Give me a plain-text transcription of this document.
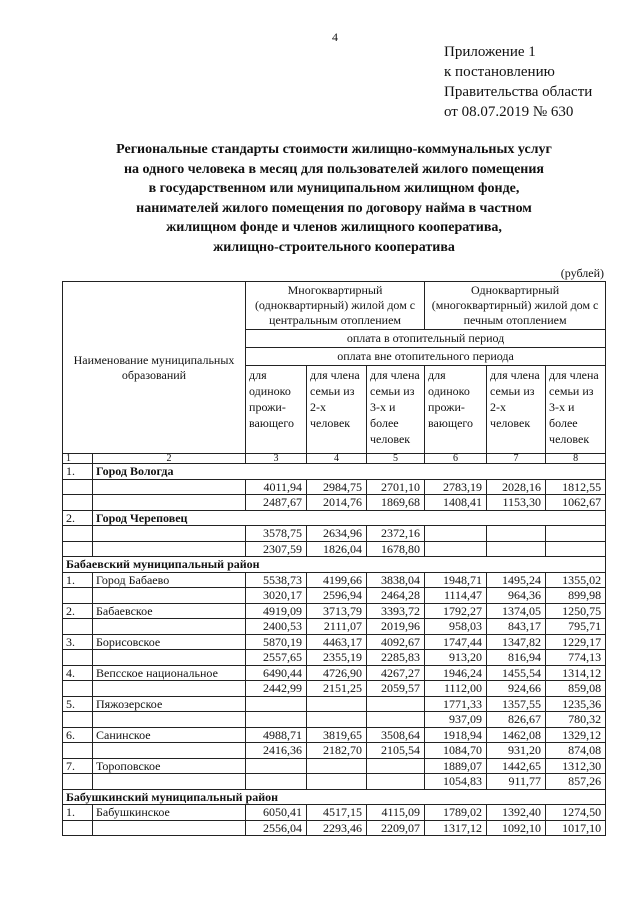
4
Приложение 1
к постановлению
Правительства области
от 08.07.2019 № 630
Региональные стандарты стоимости жилищно-коммунальных услуг
на одного человека в месяц для пользователей жилого помещения
в государственном или муниципальном жилищном фонде,
нанимателей жилого помещения по договору найма в частном
жилищном фонде и членов жилищного кооператива,
жилищно-строительного кооператива
(рублей)
Наименование муниципальных образований		Многоквартирный (одноквартирный) жилой дом с центральным отоплением			Одноквартирный (многоквартирный) жилой дом с печным отоплением		
		оплата в отопительный период					
		оплата вне отопительного периода					
		для одиноко прожи-вающего	для члена семьи из 2-х человек	для члена семьи из 3-х и более человек	для одиноко прожи-вающего	для члена семьи из 2-х человек	для члена семьи из 3-х и более человек
1	2	3	4	5	6	7	8
1.	Город Вологда						
		4011,94	2984,75	2701,10	2783,19	2028,16	1812,55
		2487,67	2014,76	1869,68	1408,41	1153,30	1062,67
2.	Город Череповец						
		3578,75	2634,96	2372,16			
		2307,59	1826,04	1678,80			
Бабаевский муниципальный район							
1.	Город Бабаево	5538,73	4199,66	3838,04	1948,71	1495,24	1355,02
		3020,17	2596,94	2464,28	1114,47	964,36	899,98
2.	Бабаевское	4919,09	3713,79	3393,72	1792,27	1374,05	1250,75
		2400,53	2111,07	2019,96	958,03	843,17	795,71
3.	Борисовское	5870,19	4463,17	4092,67	1747,44	1347,82	1229,17
		2557,65	2355,19	2285,83	913,20	816,94	774,13
4.	Вепсское национальное	6490,44	4726,90	4267,27	1946,24	1455,54	1314,12
		2442,99	2151,25	2059,57	1112,00	924,66	859,08
5.	Пяжозерское				1771,33	1357,55	1235,36
					937,09	826,67	780,32
6.	Санинское	4988,71	3819,65	3508,64	1918,94	1462,08	1329,12
		2416,36	2182,70	2105,54	1084,70	931,20	874,08
7.	Тороповское				1889,07	1442,65	1312,30
					1054,83	911,77	857,26
Бабушкинский муниципальный район							
1.	Бабушкинское	6050,41	4517,15	4115,09	1789,02	1392,40	1274,50
		2556,04	2293,46	2209,07	1317,12	1092,10	1017,10
